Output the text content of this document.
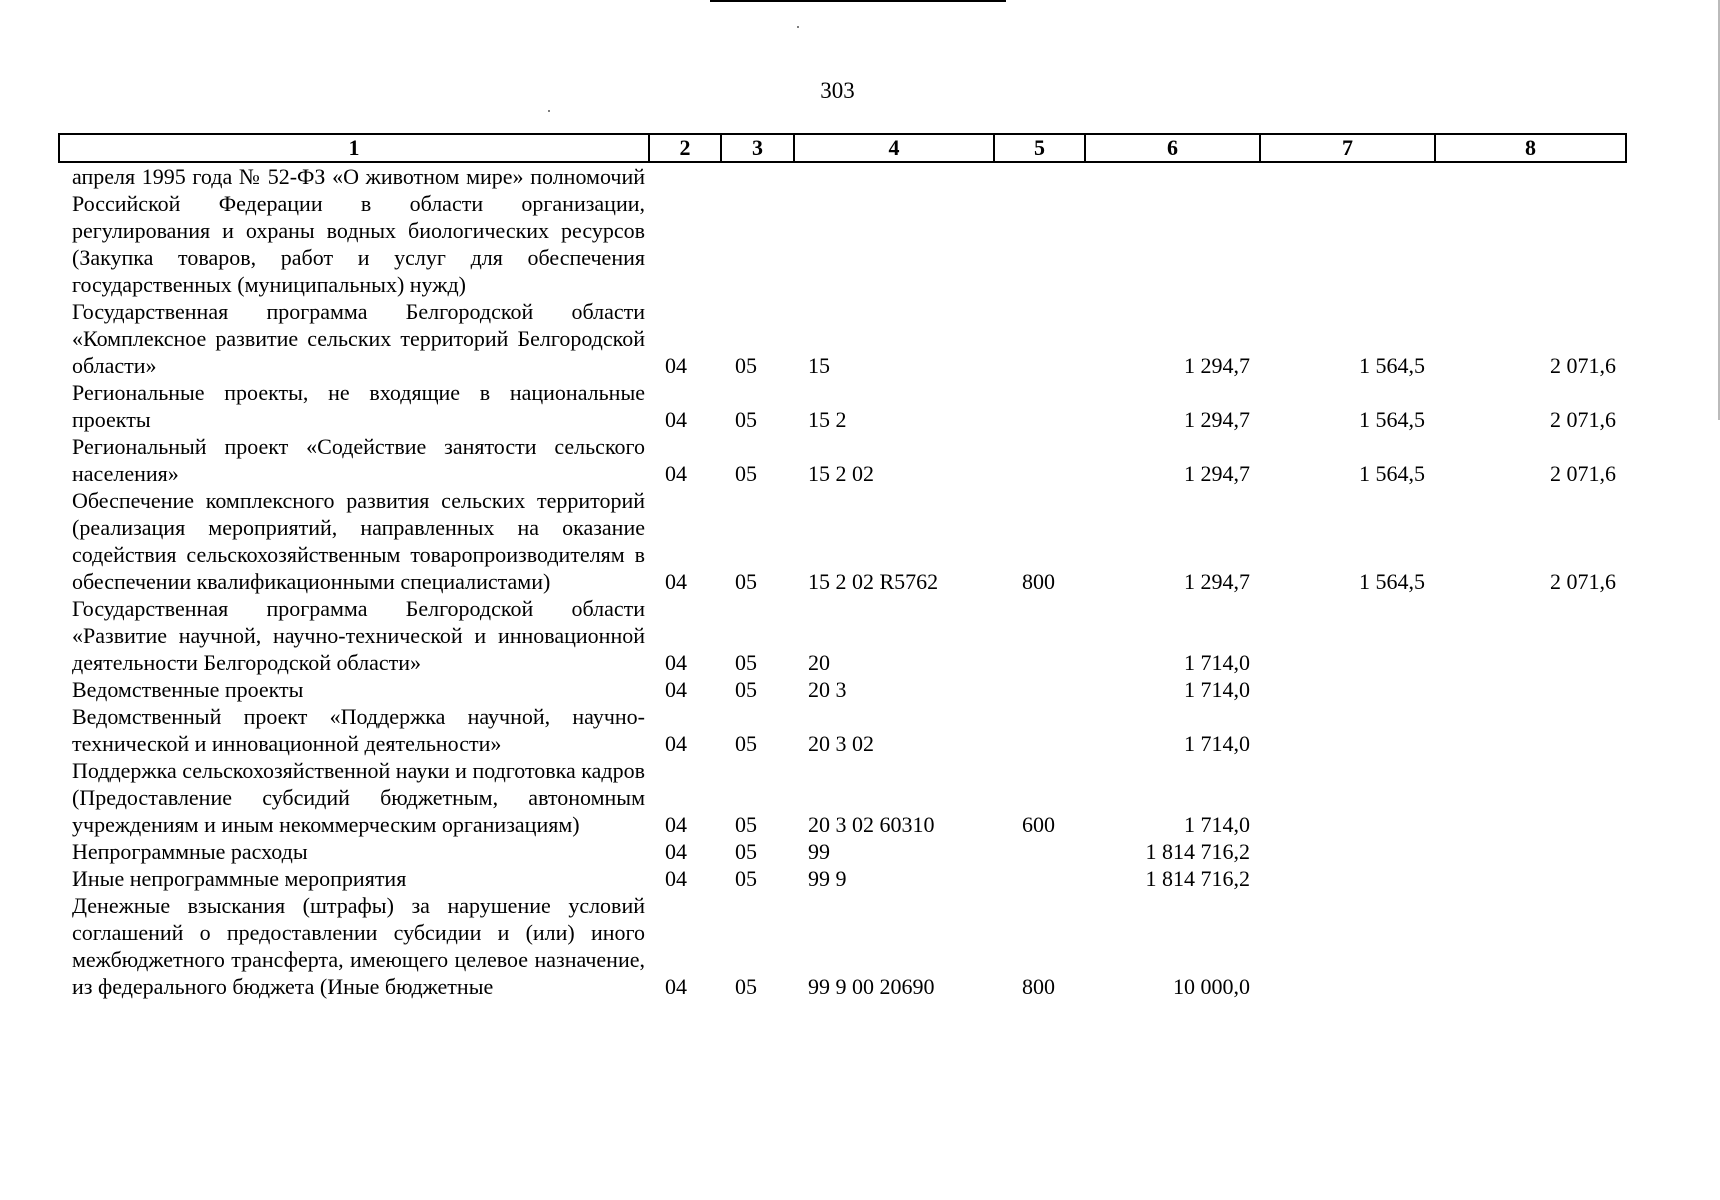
303
1	2	3	4	5	6	7	8
апреля 1995 года № 52-ФЗ «О животном мире» полномочий Российской Федерации в области организации, регулирования и охраны водных биологических ресурсов (Закупка товаров, работ и услуг для обеспечения государственных (муниципальных) нужд)							
Государственная программа Белгородской области «Комплексное развитие сельских территорий Белгородской области»	04	05	15		1 294,7	1 564,5	2 071,6
Региональные проекты, не входящие в национальные проекты	04	05	15 2		1 294,7	1 564,5	2 071,6
Региональный проект «Содействие занятости сельского населения»	04	05	15 2 02		1 294,7	1 564,5	2 071,6
Обеспечение комплексного развития сельских территорий (реализация мероприятий, направленных на оказание содействия сельскохозяйственным товаропроизводителям в обеспечении квалификационными специалистами)	04	05	15 2 02 R5762	800	1 294,7	1 564,5	2 071,6
Государственная программа Белгородской области «Развитие научной, научно-технической и инновационной деятельности Белгородской области»	04	05	20		1 714,0		
Ведомственные проекты	04	05	20 3		1 714,0		
Ведомственный проект «Поддержка научной, научно-технической и инновационной деятельности»	04	05	20 3 02		1 714,0		
Поддержка сельскохозяйственной науки и подготовка кадров (Предоставление субсидий бюджетным, автономным учреждениям и иным некоммерческим организациям)	04	05	20 3 02 60310	600	1 714,0		
Непрограммные расходы	04	05	99		1 814 716,2		
Иные непрограммные мероприятия	04	05	99 9		1 814 716,2		
Денежные взыскания (штрафы) за нарушение условий соглашений о предоставлении субсидии и (или) иного межбюджетного трансферта, имеющего целевое назначение, из федерального бюджета (Иные бюджетные	04	05	99 9 00 20690	800	10 000,0		
